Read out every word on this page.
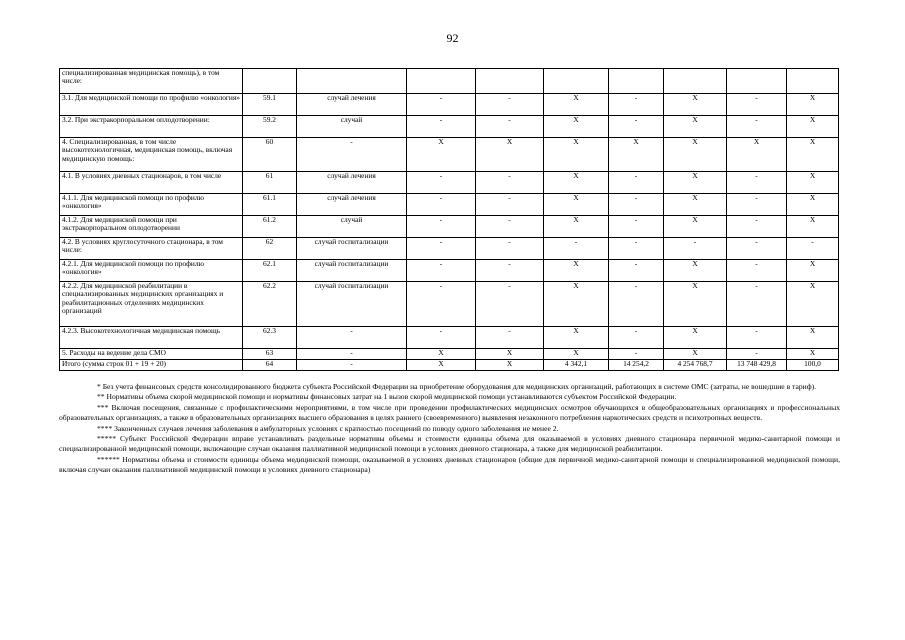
92
специализированная медицинская помощь), в том числе:									
3.1. Для медицинской помощи по профилю «онкология»	59.1	случай лечения	-	-	Х	-	Х	-	Х
3.2. При экстракорпоральном оплодотворении:	59.2	случай	-	-	Х	-	Х	-	Х
4. Специализированная, в том числе высокотехнологичная, медицинская помощь, включая медицинскую помощь:	60	-	Х	Х	Х	Х	Х	Х	Х
4.1. В условиях дневных стационаров, в том числе	61	случай лечения	-	-	Х	-	Х	-	Х
4.1.1. Для медицинской помощи по профилю «онкология»	61.1	случай лечения	-	-	Х	-	Х	-	Х
4.1.2. Для медицинской помощи при экстракорпоральном оплодотворении	61.2	случай	-	-	Х	-	Х	-	Х
4.2. В условиях круглосуточного стационара, в том числе:	62	случай госпитализации	-	-	-	-	-	-	-
4.2.1. Для медицинской помощи по профилю «онкология»	62.1	случай госпитализации	-	-	Х	-	Х	-	Х
4.2.2. Для медицинской реабилитации в специализированных медицинских организациях и реабилитационных отделениях медицинских организаций	62.2	случай госпитализации	-	-	Х	-	Х	-	Х
4.2.3. Высокотехнологичная медицинская помощь	62.3	-	-	-	Х	-	Х	-	Х
5. Расходы на ведение дела СМО	63	-	Х	Х	Х	-	Х	-	Х
Итого (сумма строк 01 + 19 + 20)	64	-	Х	Х	4 342,1	14 254,2	4 254 768,7	13 748 429,8	100,0

* Без учета финансовых средств консолидированного бюджета субъекта Российской Федерации на приобретение оборудования для медицинских организаций, работающих в системе ОМС (затраты, не вошедшие в тариф).

** Нормативы объема скорой медицинской помощи и нормативы финансовых затрат на 1 вызов скорой медицинской помощи устанавливаются субъектом Российской Федерации.

*** Включая посещения, связанные с профилактическими мероприятиями, в том числе при проведении профилактических медицинских осмотров обучающихся в общеобразовательных организациях и профессиональных образовательных организациях, а также в образовательных организациях высшего образования в целях раннего (своевременного) выявления незаконного потребления наркотических средств и психотропных веществ.

**** Законченных случаев лечения заболевания в амбулаторных условиях с кратностью посещений по поводу одного заболевания не менее 2.

***** Субъект Российской Федерации вправе устанавливать раздельные нормативы объемы и стоимости единицы объема для оказываемой в условиях дневного стационара первичной медико-санитарной помощи и специализированной медицинской помощи, включающие случаи оказания паллиативной медицинской помощи в условиях дневного стационара, а также для медицинской реабилитации.

****** Нормативы объема и стоимости единицы объема медицинской помощи, оказываемой в условиях дневных стационаров (общие для первичной медико-санитарной помощи и специализированной медицинской помощи, включая случаи оказания паллиативной медицинской помощи в условиях дневного стационара)
